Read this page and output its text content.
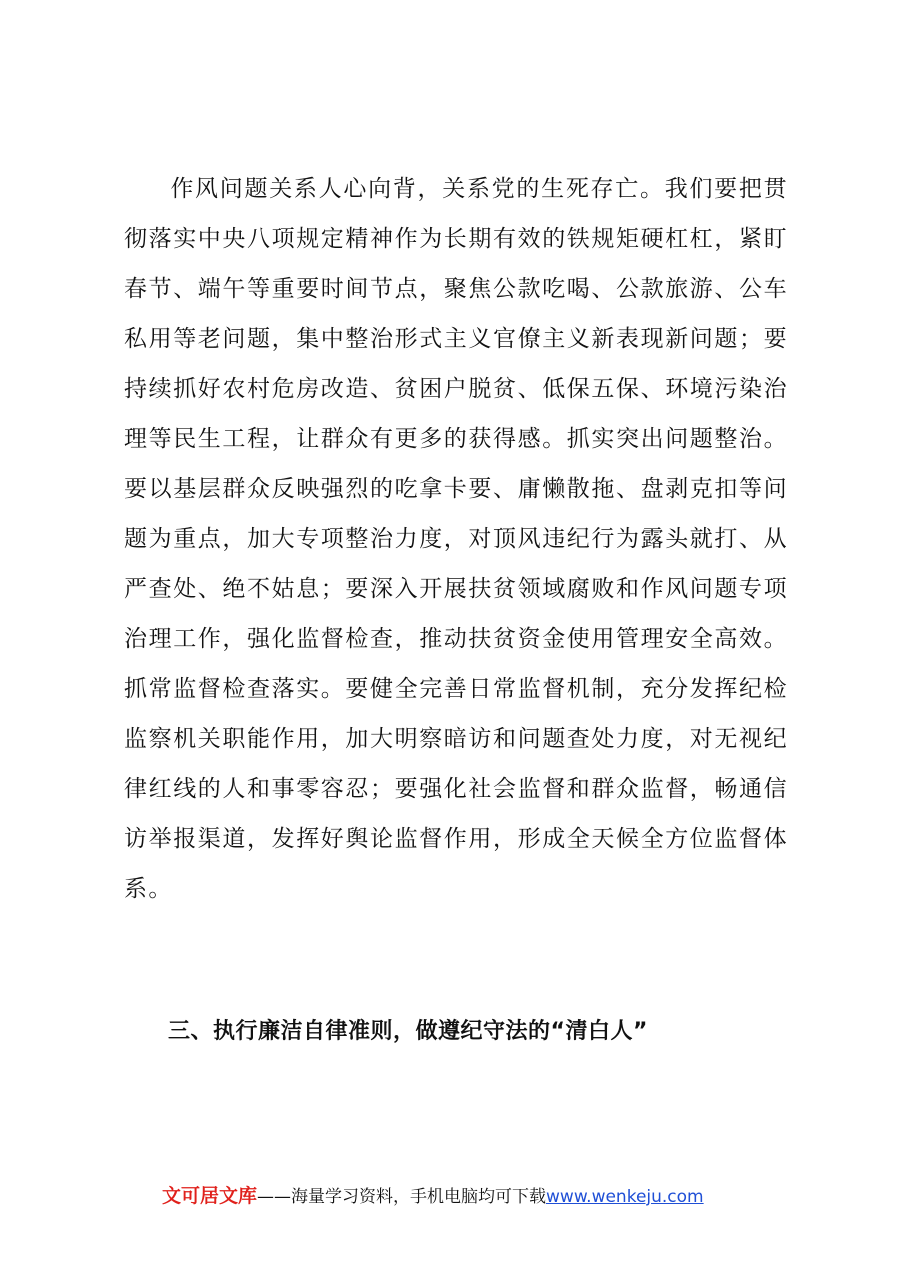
作风问题关系人心向背，关系党的生死存亡。我们要把贯彻落实中央八项规定精神作为长期有效的铁规矩硬杠杠，紧盯春节、端午等重要时间节点，聚焦公款吃喝、公款旅游、公车私用等老问题，集中整治形式主义官僚主义新表现新问题；要持续抓好农村危房改造、贫困户脱贫、低保五保、环境污染治理等民生工程，让群众有更多的获得感。抓实突出问题整治。要以基层群众反映强烈的吃拿卡要、庸懒散拖、盘剥克扣等问题为重点，加大专项整治力度，对顶风违纪行为露头就打、从严查处、绝不姑息；要深入开展扶贫领域腐败和作风问题专项治理工作，强化监督检查，推动扶贫资金使用管理安全高效。抓常监督检查落实。要健全完善日常监督机制，充分发挥纪检监察机关职能作用，加大明察暗访和问题查处力度，对无视纪律红线的人和事零容忍；要强化社会监督和群众监督，畅通信访举报渠道，发挥好舆论监督作用，形成全天候全方位监督体系。

三、执行廉洁自律准则，做遵纪守法的“清白人”
文可居文库——海量学习资料，手机电脑均可下载www.wenkeju.com
